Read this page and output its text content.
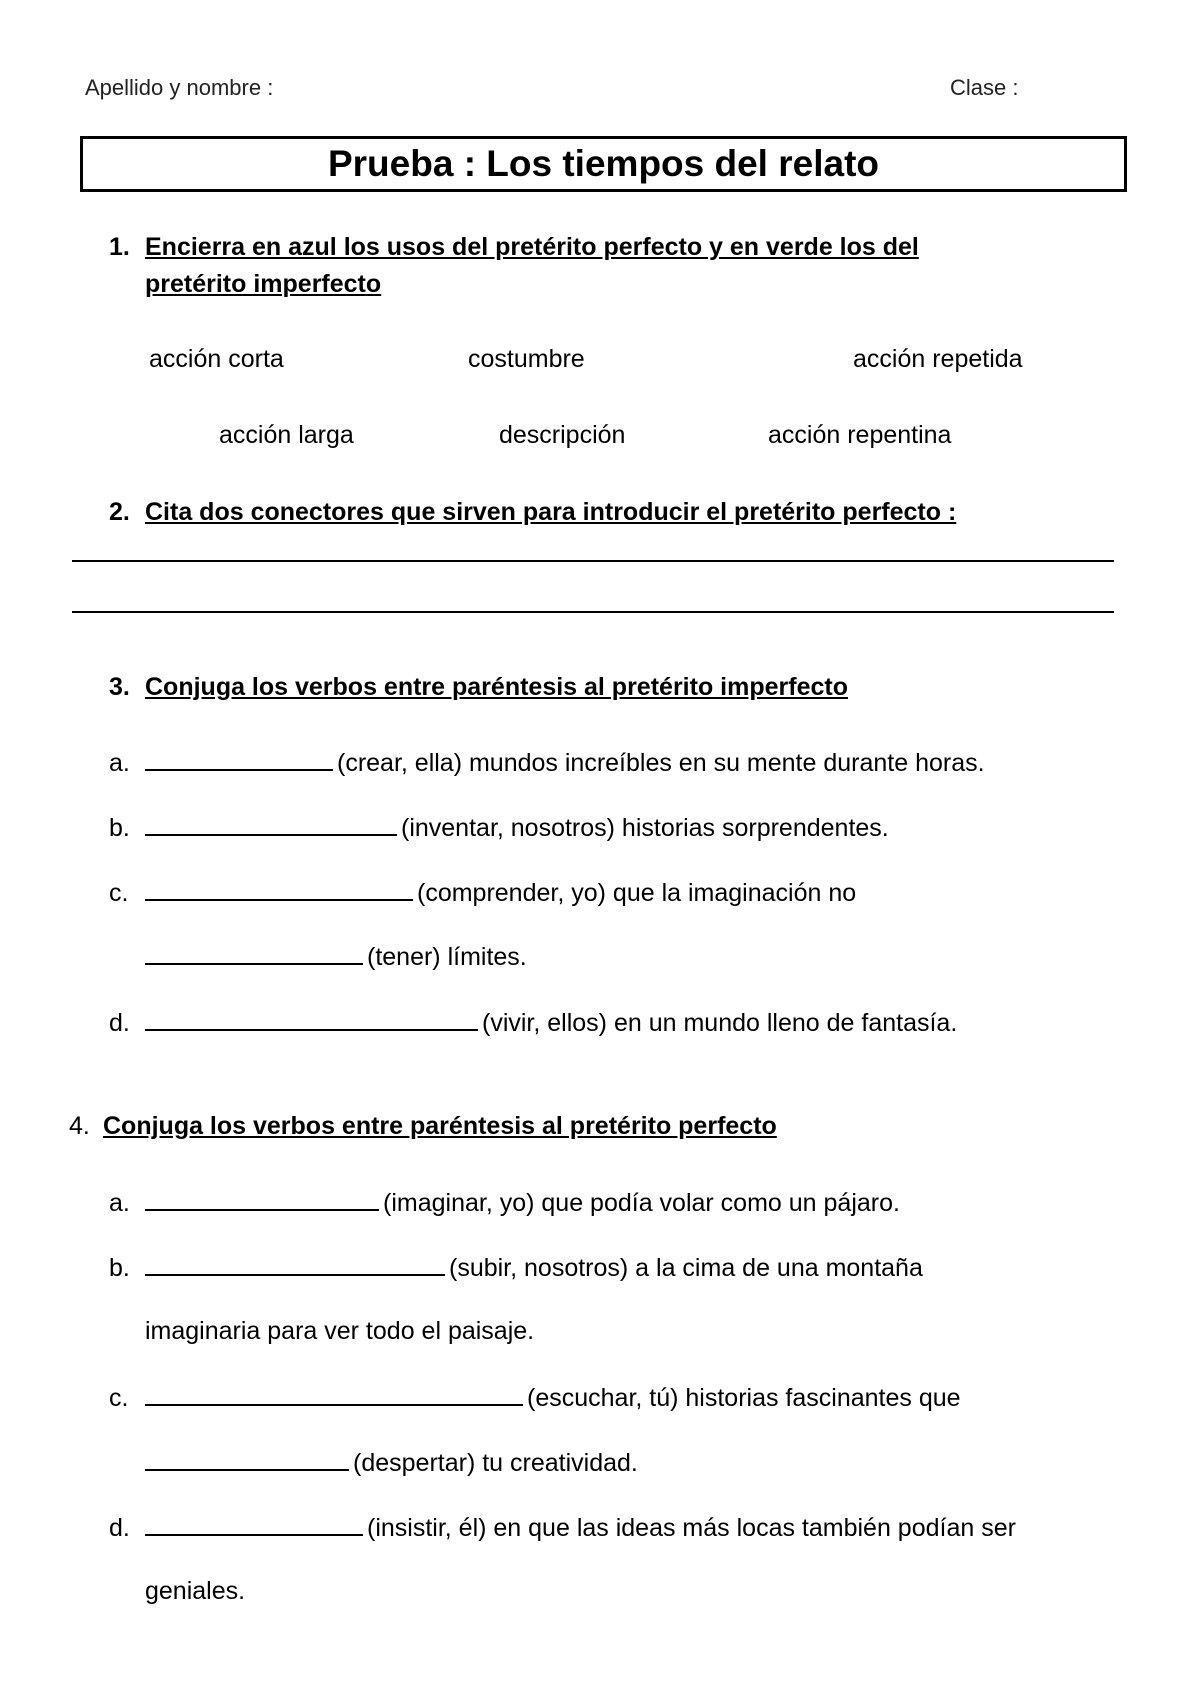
Apellido y nombre :	Clase :
Prueba : Los tiempos del relato
1. Encierra en azul los usos del pretérito perfecto y en verde los del
pretérito imperfecto
acción corta	costumbre	acción repetida
acción larga	descripción	acción repentina
2. Cita dos conectores que sirven para introducir el pretérito perfecto :
3. Conjuga los verbos entre paréntesis al pretérito imperfecto
a.	(crear, ella) mundos increíbles en su mente durante horas.
b.	(inventar, nosotros) historias sorprendentes.
c.	(comprender, yo) que la imaginación no
(tener) límites.
d.	(vivir, ellos) en un mundo lleno de fantasía.
4. Conjuga los verbos entre paréntesis al pretérito perfecto
a.	(imaginar, yo) que podía volar como un pájaro.
b.	(subir, nosotros) a la cima de una montaña
imaginaria para ver todo el paisaje.
c.	(escuchar, tú) historias fascinantes que
(despertar) tu creatividad.
d.	(insistir, él) en que las ideas más locas también podían ser
geniales.
